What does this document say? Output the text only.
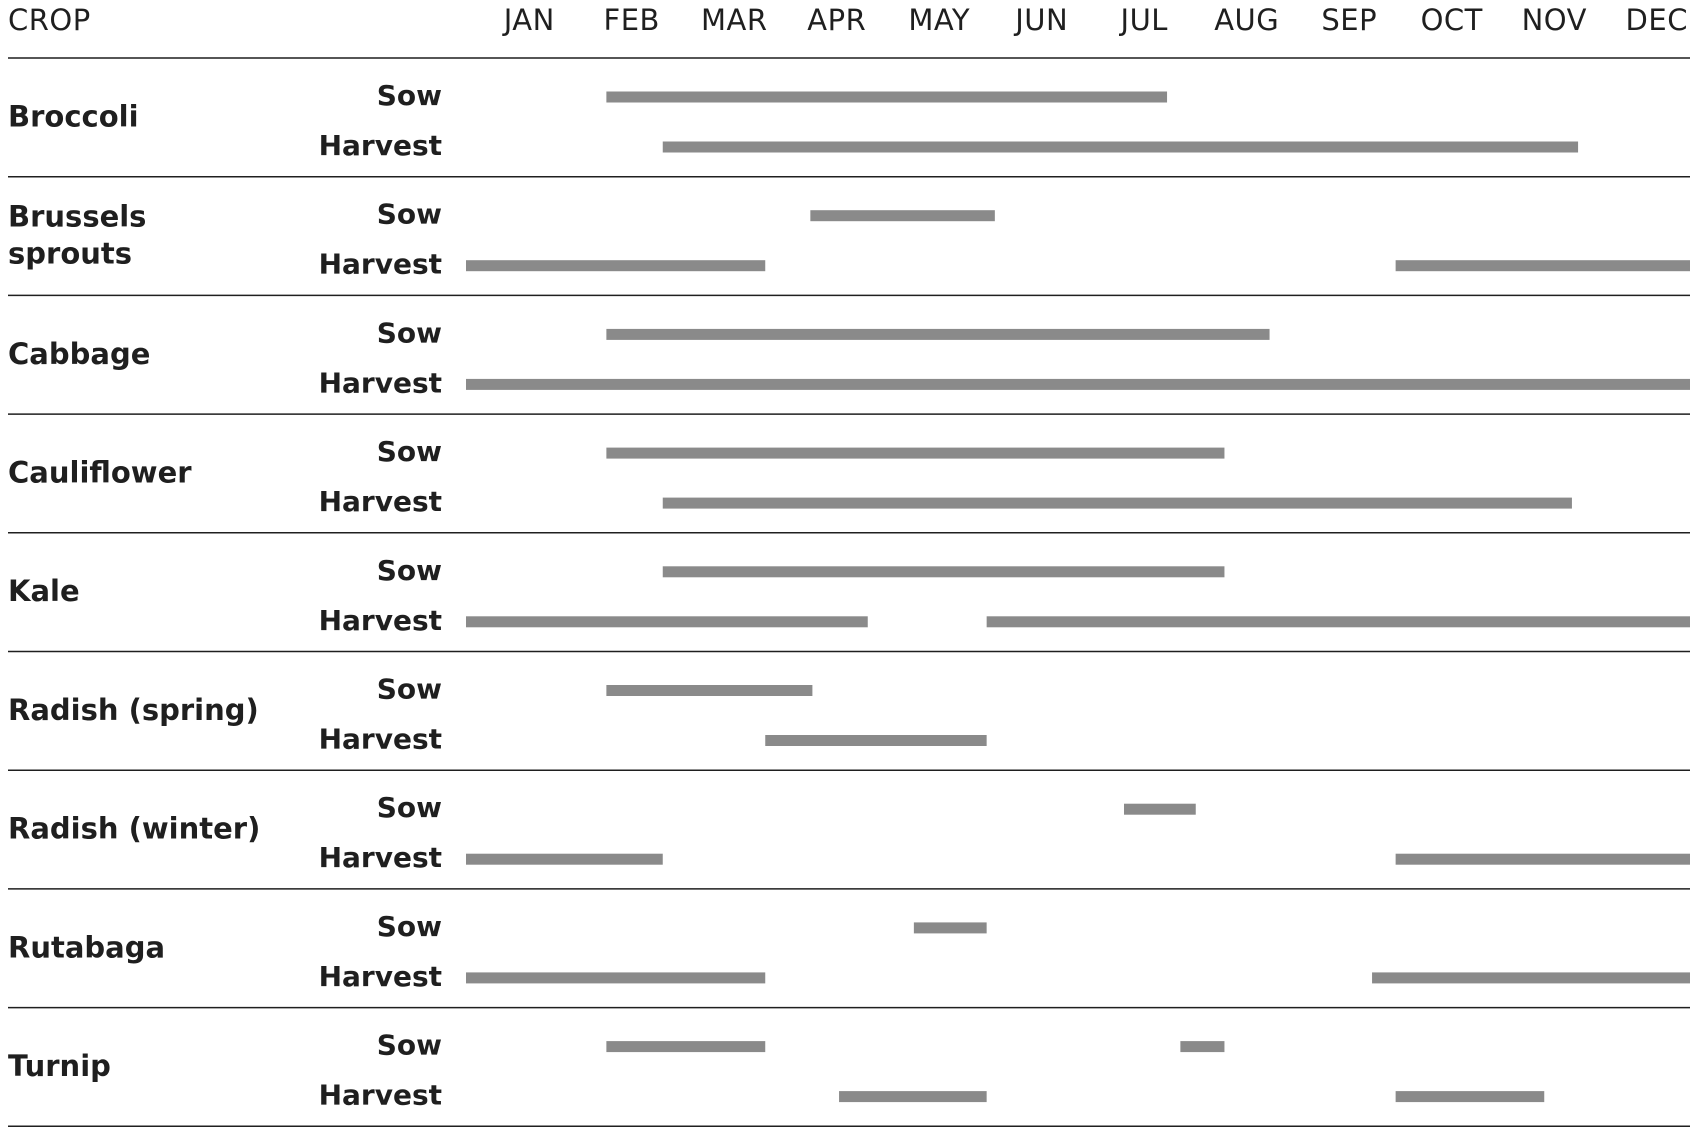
CROP	JAN FEB MAR APR MAY JUN JUL AUG SEP OCT NOV DEC
Broccoli
Sow
Harvest
Brussels
sprouts
Sow
Harvest
Cabbage
Sow
Harvest
Cauliflower
Sow
Harvest
Kale
Sow
Harvest
Radish (spring)
Sow
Harvest
Radish (winter)
Sow
Harvest
Rutabaga
Sow
Harvest
Turnip
Sow
Harvest
